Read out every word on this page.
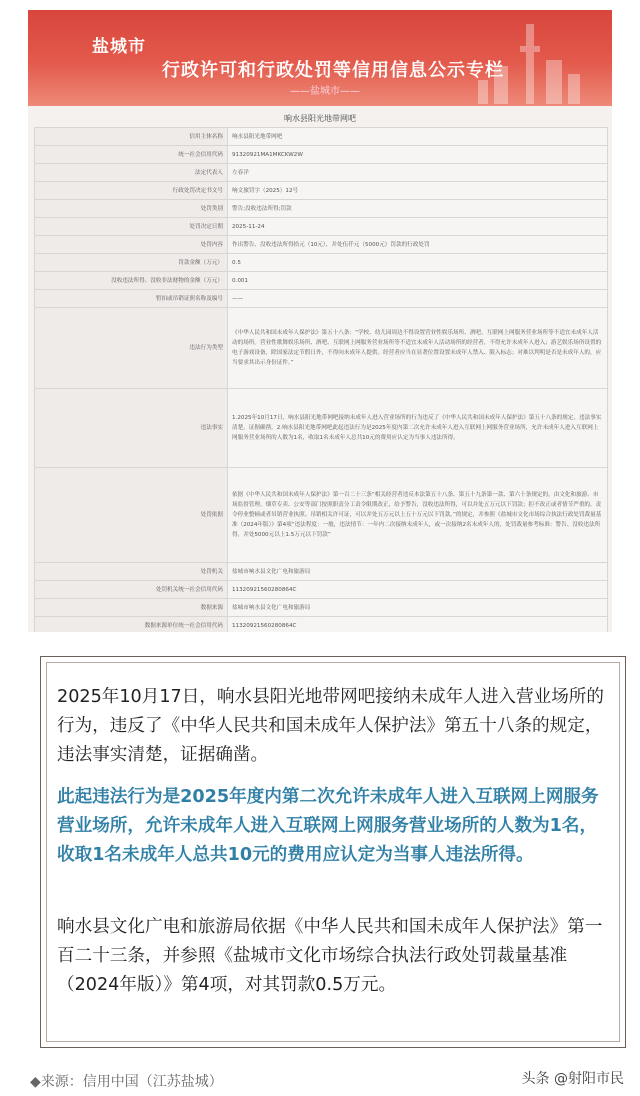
盐城市
行政许可和行政处罚等信用信息公示专栏
——盐城市——
响水县阳光地带网吧
信用主体名称	响水县阳光地带网吧
统一社会信用代码	91320921MA1MKCKW2W
法定代表人	左春洋
行政处罚决定书文号	响文旅罚字（2025）12号
处罚类别	警告;没收违法所得;罚款
处罚决定日期	2025-11-24
处罚内容	作出警告、没收违法所得拾元（10元），并处伍仟元（5000元）罚款的行政处罚
罚款金额（万元）	0.5
没收违法所得、没收非法财物的金额（万元）	0.001
暂扣或吊销证照名称及编号	——
违法行为类型	《中华人民共和国未成年人保护法》第五十八条：“学校、幼儿园周边不得设置营业性娱乐场所、酒吧、互联网上网服务营业场所等不适宜未成年人活动的场所。营业性歌舞娱乐场所、酒吧、互联网上网服务营业场所等不适宜未成年人活动场所的经营者，不得允许未成年人进入；游艺娱乐场所设置的电子游戏设备，除国家法定节假日外，不得向未成年人提供。经营者应当在显著位置设置未成年人禁入、限入标志；对难以判明是否是未成年人的，应当要求其出示身份证件。”
违法事实	1.2025年10月17日，响水县阳光地带网吧接纳未成年人进入营业场所的行为违反了《中华人民共和国未成年人保护法》第五十八条的规定，违法事实清楚，证据确凿。2.响水县阳光地带网吧此起违法行为是2025年度内第二次允许未成年人进入互联网上网服务营业场所，允许未成年人进入互联网上网服务营业场所的人数为1名，收取1名未成年人总共10元的费用应认定为当事人违法所得。
处罚依据	依据《中华人民共和国未成年人保护法》第一百二十三条“相关经营者违反本法第五十八条、第五十九条第一款、第六十条规定的，由文化和旅游、市场监督管理、烟草专卖、公安等部门按照职责分工责令限期改正，给予警告，没收违法所得，可以并处五万元以下罚款；拒不改正或者情节严重的，责令停业整顿或者吊销营业执照、吊销相关许可证，可以并处五万元以上五十万元以下罚款。”的规定，并参照《盐城市文化市场综合执法行政处罚裁量基准（2024年版）》第4项“违法程度：一般，违法情节：一年内二次接纳未成年人，或一次接纳2名未成年人的，处罚裁量参考标准：警告、没收违法所得，并处5000元以上1.5万元以下罚款”
处罚机关	盐城市响水县文化广电和旅游局
处罚机关统一社会信用代码	11320921560280864C
数据来源	盐城市响水县文化广电和旅游局
数据来源单位统一社会信用代码	11320921560280864C

2025年10月17日，响水县阳光地带网吧接纳未成年人进入营业场所的行为，违反了《中华人民共和国未成年人保护法》第五十八条的规定，违法事实清楚，证据确凿。

此起违法行为是2025年度内第二次允许未成年人进入互联网上网服务营业场所，允许未成年人进入互联网上网服务营业场所的人数为1名，收取1名未成年人总共10元的费用应认定为当事人违法所得。

响水县文化广电和旅游局依据《中华人民共和国未成年人保护法》第一百二十三条，并参照《盐城市文化市场综合执法行政处罚裁量基准（2024年版）》第4项，对其罚款0.5万元。

◆来源：信用中国（江苏盐城）	头条 @射阳市民
